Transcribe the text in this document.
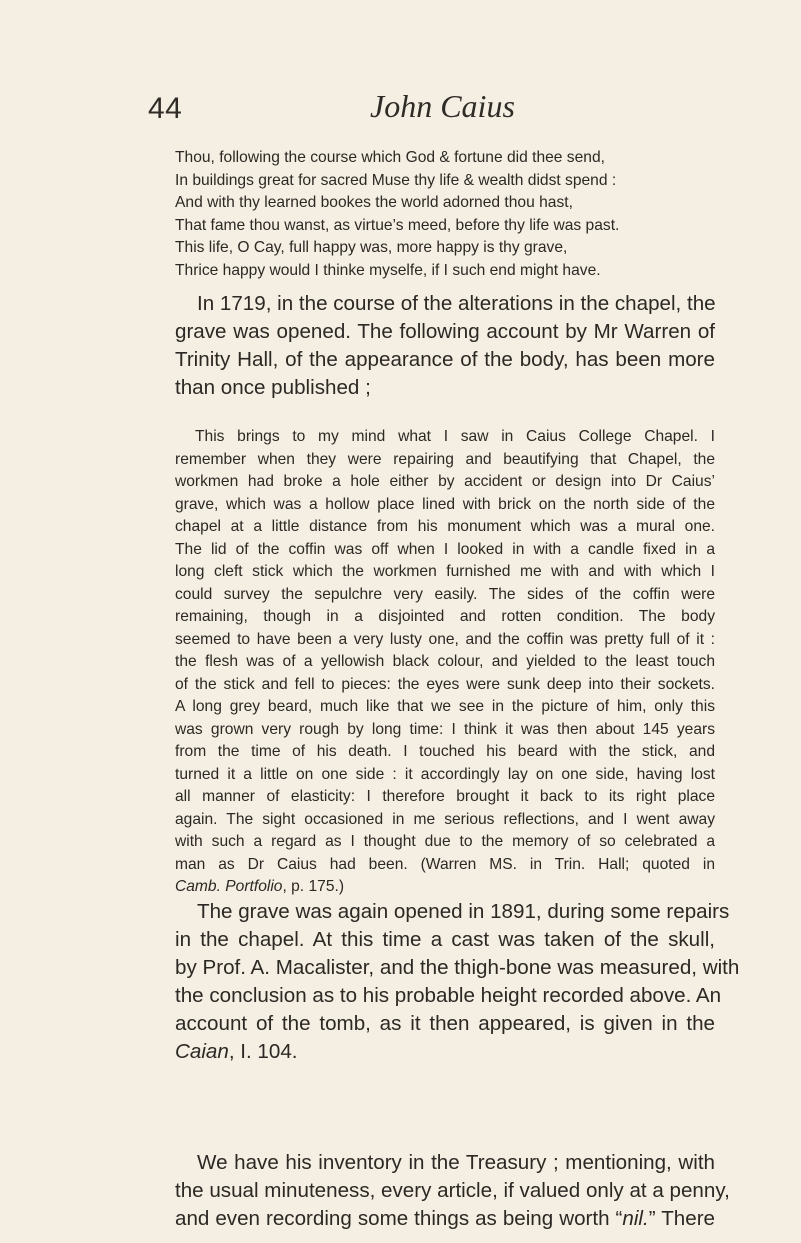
44	John Caius
Thou, following the course which God & fortune did thee send,
In buildings great for sacred Muse thy life & wealth didst spend :
And with thy learned bookes the world adorned thou hast,
That fame thou wanst, as virtue’s meed, before thy life was past.
This life, O Cay, full happy was, more happy is thy grave,
Thrice happy would I thinke myselfe, if I such end might have.
In 1719, in the course of the alterations in the chapel, the
grave was opened. The following account by Mr Warren of
Trinity Hall, of the appearance of the body, has been more
than once published ;
This brings to my mind what I saw in Caius College Chapel. I
remember when they were repairing and beautifying that Chapel, the
workmen had broke a hole either by accident or design into Dr Caius’
grave, which was a hollow place lined with brick on the north side of the
chapel at a little distance from his monument which was a mural one.
The lid of the coffin was off when I looked in with a candle fixed in a
long cleft stick which the workmen furnished me with and with which I
could survey the sepulchre very easily. The sides of the coffin were
remaining, though in a disjointed and rotten condition. The body
seemed to have been a very lusty one, and the coffin was pretty full of it :
the flesh was of a yellowish black colour, and yielded to the least touch
of the stick and fell to pieces: the eyes were sunk deep into their sockets.
A long grey beard, much like that we see in the picture of him, only this
was grown very rough by long time: I think it was then about 145 years
from the time of his death. I touched his beard with the stick, and
turned it a little on one side : it accordingly lay on one side, having lost
all manner of elasticity: I therefore brought it back to its right place
again. The sight occasioned in me serious reflections, and I went away
with such a regard as I thought due to the memory of so celebrated a
man as Dr Caius had been. (Warren MS. in Trin. Hall; quoted in
Camb. Portfolio, p. 175.)
The grave was again opened in 1891, during some repairs
in the chapel. At this time a cast was taken of the skull,
by Prof. A. Macalister, and the thigh-bone was measured, with
the conclusion as to his probable height recorded above. An
account of the tomb, as it then appeared, is given in the
Caian, I. 104.
We have his inventory in the Treasury ; mentioning, with
the usual minuteness, every article, if valued only at a penny,
and even recording some things as being worth “nil.” There
